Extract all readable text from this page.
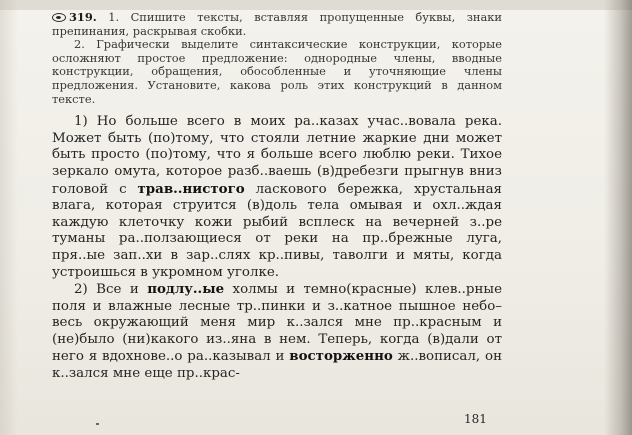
319. 1. Спишите тексты, вставляя пропущенные буквы, знаки препинания, раскрывая скобки.

2. Графически выделите синтаксические конструкции, которые осложняют простое предложение: однородные члены, вводные конструкции, обращения, обособленные и уточняющие члены предложения. Установите, какова роль этих конструкций в данном тексте.

1) Но больше всего в моих ра..казах учас..вовала река. Может быть (по)тому, что стояли летние жаркие дни может быть просто (по)тому, что я больше всего люблю реки. Тихое зеркало омута, которое разб..ваешь (в)дребезги прыгнув вниз головой с трав..нистого ласкового бережка, хрустальная влага, которая струится (в)доль тела омывая и охл..ждая каждую клеточку кожи рыбий всплеск на вечерней з..ре туманы ра..ползающиеся от реки на пр..брежные луга, пря..ые зап..хи в зар..слях кр..пивы, таволги и мяты, когда устроишься в укромном уголке.

2) Все и подлу..ые холмы и темно(красные) клев..рные поля и влажные лесные тр..пинки и з..катное пышное небо–весь окружающий меня мир к..зался мне пр..красным и (не)было (ни)какого из..яна в нем. Теперь, когда (в)дали от него я вдохнове..о ра..казывал и восторженно ж..вописал, он к..зался мне еще пр..крас-

181
